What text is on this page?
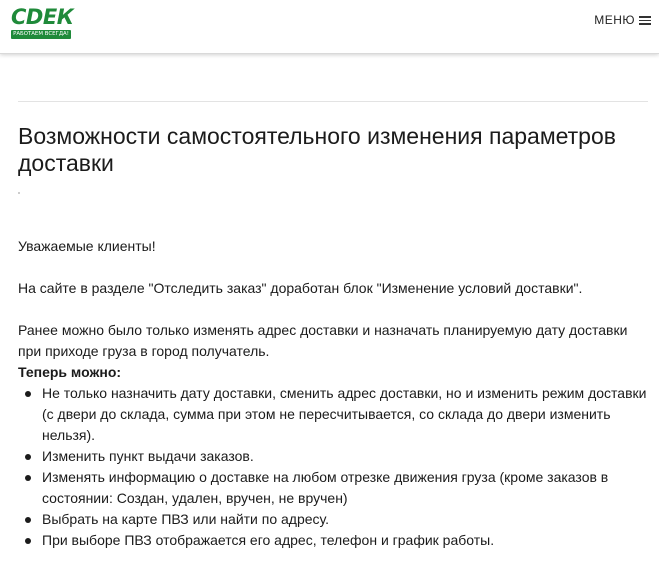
СDЕК
РАБОТАЕМ ВСЕГДА!
МЕНЮ
Возможности самостоятельного изменения параметров доставки

Уважаемые клиенты!

На сайте в разделе "Отследить заказ" доработан блок "Изменение условий доставки".

Ранее можно было только изменять адрес доставки и назначать планируемую дату доставки при приходе груза в город получатель.

Теперь можно:

Не только назначить дату доставки, сменить адрес доставки, но и изменить режим доставки (с двери до склада, сумма при этом не пересчитывается, со склада до двери изменить нельзя).
Изменить пункт выдачи заказов.
Изменять информацию о доставке на любом отрезке движения груза (кроме заказов в состоянии: Создан, удален, вручен, не вручен)
Выбрать на карте ПВЗ или найти по адресу.
При выборе ПВЗ отображается его адрес, телефон и график работы.
